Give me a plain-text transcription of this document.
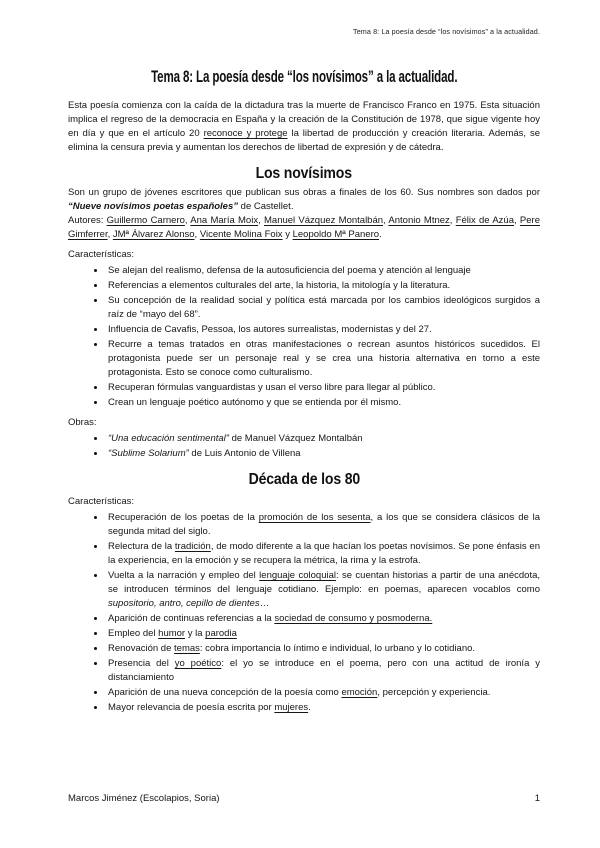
Tema 8: La poesía desde “los novísimos” a la actualidad.
Tema 8: La poesía desde “los novísimos” a la actualidad.

Esta poesía comienza con la caída de la dictadura tras la muerte de Francisco Franco en 1975. Esta situación implica el regreso de la democracia en España y la creación de la Constitución de 1978, que sigue vigente hoy en día y que en el artículo 20 reconoce y protege la libertad de producción y creación literaria. Además, se elimina la censura previa y aumentan los derechos de libertad de expresión y de cátedra.

Los novísimos

Son un grupo de jóvenes escritores que publican sus obras a finales de los 60. Sus nombres son dados por “Nueve novísimos poetas españoles” de Castellet.

Autores: Guillermo Carnero, Ana María Moix, Manuel Vázquez Montalbán, Antonio Mtnez, Félix de Azúa, Pere Gimferrer, JMª Álvarez Alonso, Vicente Molina Foix y Leopoldo Mª Panero.

Características:

• Se alejan del realismo, defensa de la autosuficiencia del poema y atención al lenguaje
• Referencias a elementos culturales del arte, la historia, la mitología y la literatura.
• Su concepción de la realidad social y política está marcada por los cambios ideológicos surgidos a raíz de “mayo del 68”.
• Influencia de Cavafis, Pessoa, los autores surrealistas, modernistas y del 27.
• Recurre a temas tratados en otras manifestaciones o recrean asuntos históricos sucedidos. El protagonista puede ser un personaje real y se crea una historia alternativa en torno a este protagonista. Esto se conoce como culturalismo.
• Recuperan fórmulas vanguardistas y usan el verso libre para llegar al público.
• Crean un lenguaje poético autónomo y que se entienda por él mismo.

Obras:

• “Una educación sentimental” de Manuel Vázquez Montalbán
• “Sublime Solarium” de Luis Antonio de Villena
Década de los 80

Características:

• Recuperación de los poetas de la promoción de los sesenta, a los que se considera clásicos de la segunda mitad del siglo.
• Relectura de la tradición, de modo diferente a la que hacían los poetas novísimos. Se pone énfasis en la experiencia, en la emoción y se recupera la métrica, la rima y la estrofa.
• Vuelta a la narración y empleo del lenguaje coloquial: se cuentan historias a partir de una anécdota, se introducen términos del lenguaje cotidiano. Ejemplo: en poemas, aparecen vocablos como supositorio, antro, cepillo de dientes…
• Aparición de continuas referencias a la sociedad de consumo y posmoderna.
• Empleo del humor y la parodia
• Renovación de temas: cobra importancia lo íntimo e individual, lo urbano y lo cotidiano.
• Presencia del yo poético: el yo se introduce en el poema, pero con una actitud de ironía y distanciamiento
• Aparición de una nueva concepción de la poesía como emoción, percepción y experiencia.
• Mayor relevancia de poesía escrita por mujeres.
Marcos Jiménez (Escolapios, Soria)	1
